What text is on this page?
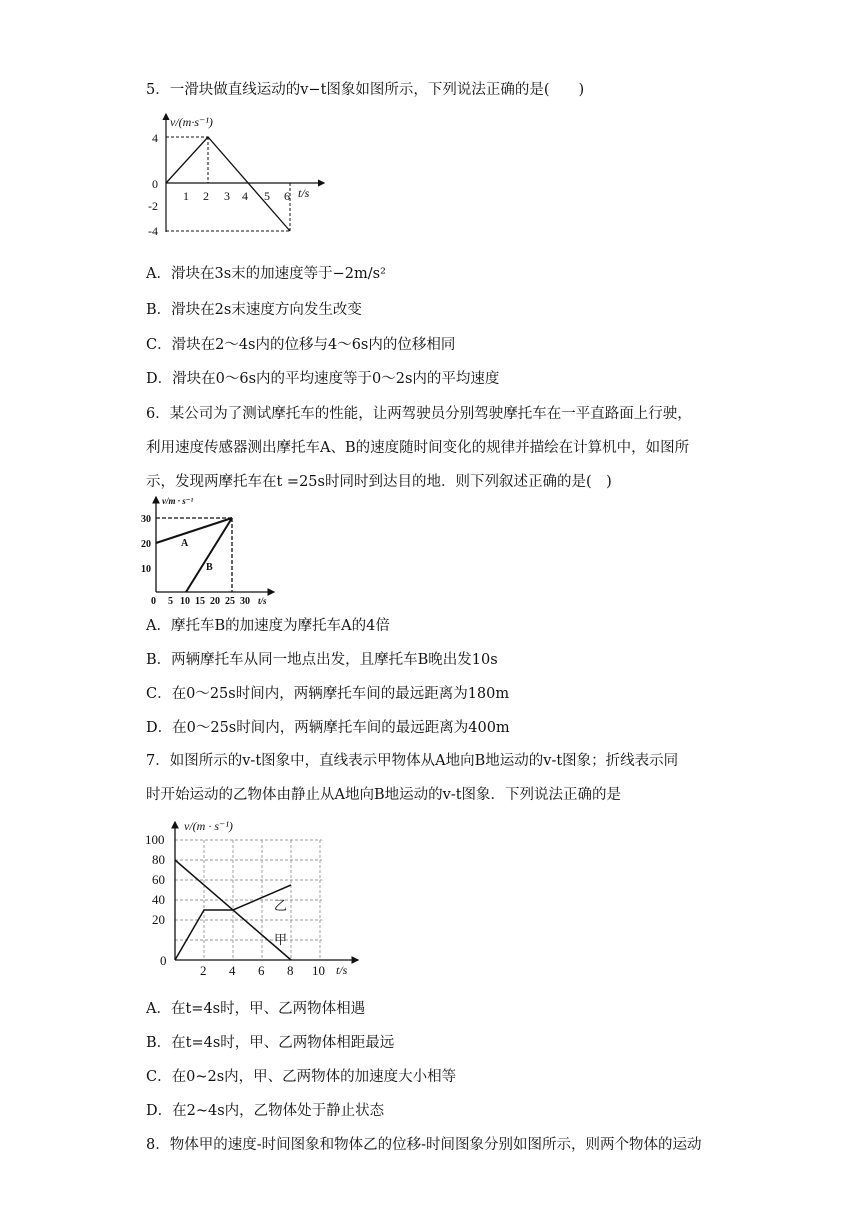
5．一滑块做直线运动的v−t图象如图所示，下列说法正确的是(　　)
v/(m·s⁻¹)
t/s
1 2 3 4 5 6
4
0
-2
-4
A．滑块在3s末的加速度等于−2m/s²
B．滑块在2s末速度方向发生改变
C．滑块在2～4s内的位移与4～6s内的位移相同
D．滑块在0～6s内的平均速度等于0～2s内的平均速度
6．某公司为了测试摩托车的性能，让两驾驶员分别驾驶摩托车在一平直路面上行驶，
利用速度传感器测出摩托车A、B的速度随时间变化的规律并描绘在计算机中，如图所
示，发现两摩托车在t =25s时同时到达目的地．则下列叙述正确的是(　)
v/m · s⁻¹
t/s
A
B
30
20
10
0 5 10 15 20 25 30
A．摩托车B的加速度为摩托车A的4倍
B．两辆摩托车从同一地点出发，且摩托车B晚出发10s
C．在0～25s时间内，两辆摩托车间的最远距离为180m
D．在0～25s时间内，两辆摩托车间的最远距离为400m
7．如图所示的v-t图象中，直线表示甲物体从A地向B地运动的v-t图象；折线表示同
时开始运动的乙物体由静止从A地向B地运动的v-t图象．下列说法正确的是
v/(m · s⁻¹)
t/s
乙
甲
100
80
60
40
20
0
2 4 6 8 10
A．在t=4s时，甲、乙两物体相遇
B．在t=4s时，甲、乙两物体相距最远
C．在0~2s内，甲、乙两物体的加速度大小相等
D．在2~4s内，乙物体处于静止状态
8．物体甲的速度-时间图象和物体乙的位移-时间图象分别如图所示，则两个物体的运动
